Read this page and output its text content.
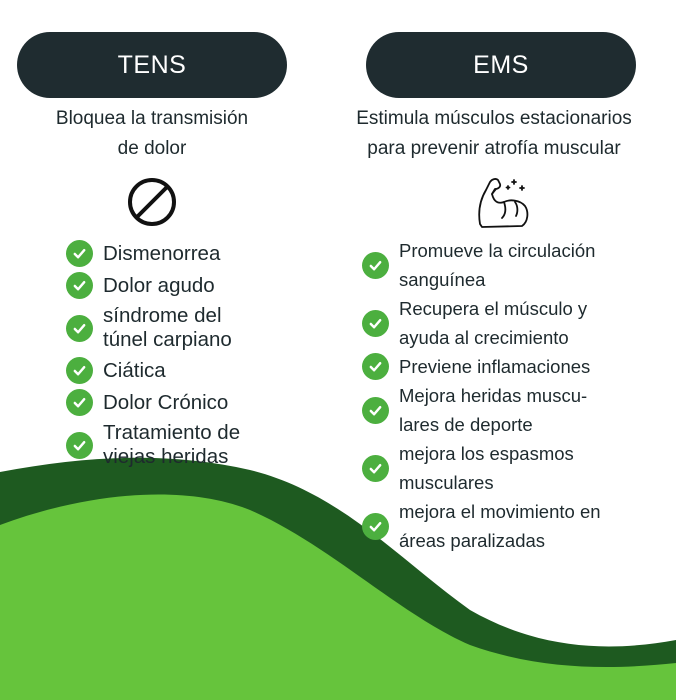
TENS
Bloquea la transmisión
de dolor
Dismenorrea
Dolor agudo
síndrome del
túnel carpiano
Ciática
Dolor Crónico
Tratamiento de
viejas heridas
EMS
Estimula músculos estacionarios
para prevenir atrofía muscular
Promueve la circulación
sanguínea
Recupera el músculo y
ayuda al crecimiento
Previene inflamaciones
Mejora heridas muscu-
lares de deporte
mejora los espasmos
musculares
mejora el movimiento en
áreas paralizadas
